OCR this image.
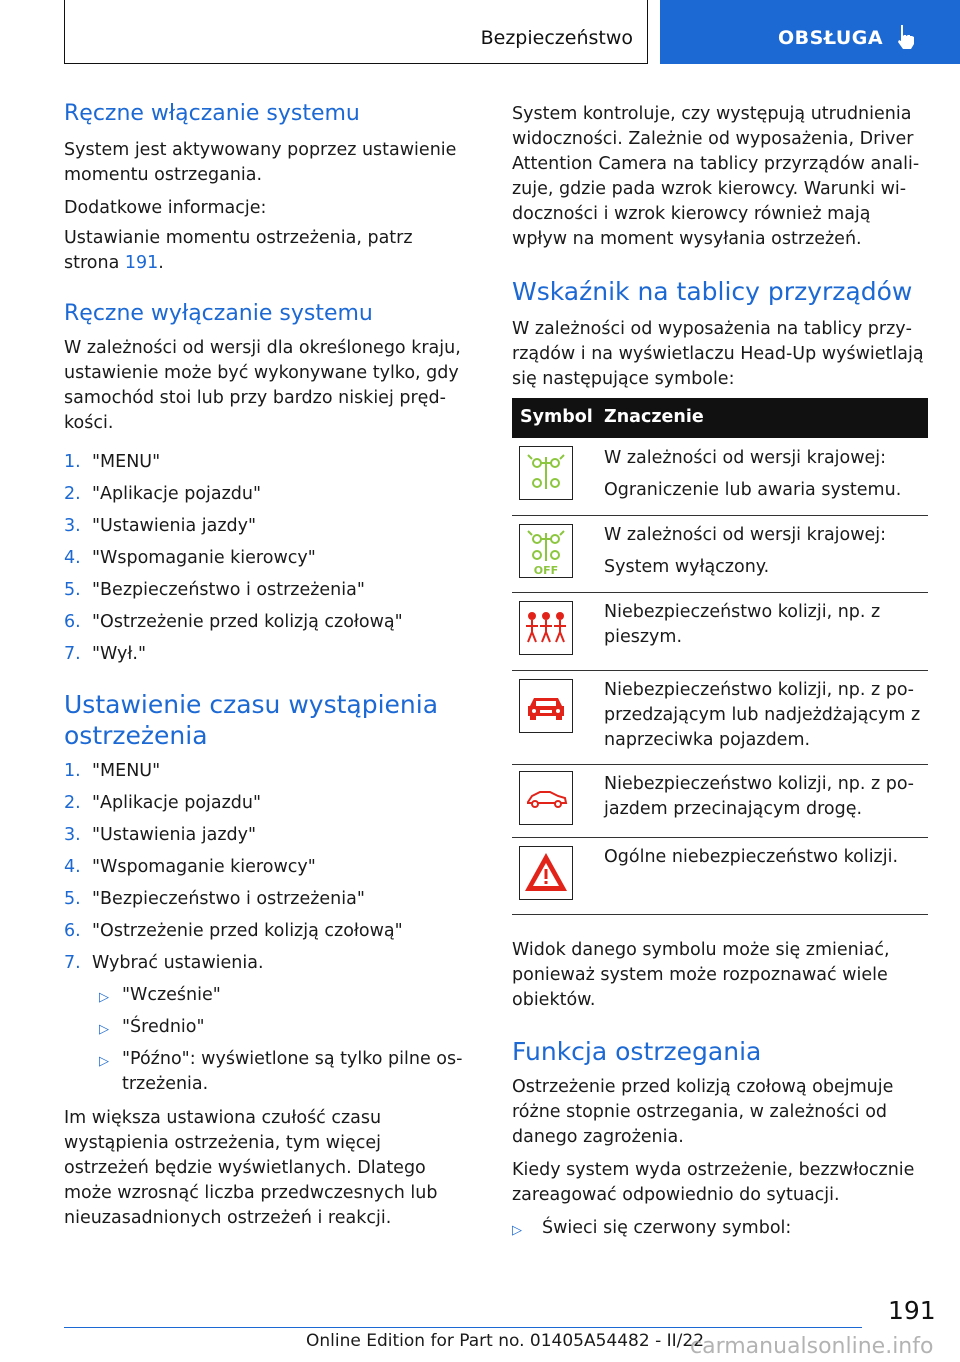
Bezpieczeństwo	OBSŁUGA
Ręczne włączanie systemu

System jest aktywowany poprzez ustawienie momentu ostrzegania.

Dodatkowe informacje:

Ustawianie momentu ostrzeżenia, patrz strona 191.

Ręczne wyłączanie systemu

W zależności od wersji dla określonego kraju, ustawienie może być wykonywane tylko, gdy samochód stoi lub przy bardzo niskiej prędkości.

1. "MENU"
2. "Aplikacje pojazdu"
3. "Ustawienia jazdy"
4. "Wspomaganie kierowcy"
5. "Bezpieczeństwo i ostrzeżenia"
6. "Ostrzeżenie przed kolizją czołową"
7. "Wył."
Ustawienie czasu wystąpienia
ostrzeżenia
1. "MENU"
2. "Aplikacje pojazdu"
3. "Ustawienia jazdy"
4. "Wspomaganie kierowcy"
5. "Bezpieczeństwo i ostrzeżenia"
6. "Ostrzeżenie przed kolizją czołową"
7. Wybrać ustawienia.
▷ "Wcześnie"
▷ "Średnio"
▷ "Późno": wyświetlone są tylko pilne ostrzeżenia.

Im większa ustawiona czułość czasu wystąpienia ostrzeżenia, tym więcej ostrzeżeń będzie wyświetlanych. Dlatego może wzrosnąć liczba przedwczesnych lub nieuzasadnionych ostrzeżeń i reakcji.

System kontroluje, czy występują utrudnienia widoczności. Zależnie od wyposażenia, Driver Attention Camera na tablicy przyrządów analizuje, gdzie pada wzrok kierowcy. Warunki widoczności i wzrok kierowcy również mają wpływ na moment wysyłania ostrzeżeń.

Wskaźnik na tablicy przyrządów

W zależności od wyposażenia na tablicy przyrządów i na wyświetlaczu Head-Up wyświetlają się następujące symbole:

Symbol Znaczenie

W zależności od wersji krajowej:

Ograniczenie lub awaria systemu.

OFF

W zależności od wersji krajowej:

System wyłączony.

Niebezpieczeństwo kolizji, np. z pieszym.

Niebezpieczeństwo kolizji, np. z poprzedzającym lub nadjeżdżającym z naprzeciwka pojazdem.

Niebezpieczeństwo kolizji, np. z pojazdem przecinającym drogę.

Ogólne niebezpieczeństwo kolizji.

Widok danego symbolu może się zmieniać, ponieważ system może rozpoznawać wiele obiektów.

Funkcja ostrzegania

Ostrzeżenie przed kolizją czołową obejmuje różne stopnie ostrzegania, w zależności od danego zagrożenia.

Kiedy system wyda ostrzeżenie, bezzwłocznie zareagować odpowiednio do sytuacji.

▷ Świeci się czerwony symbol:
191
Online Edition for Part no. 01405A54482 - II/22
carmanualsonline.info
